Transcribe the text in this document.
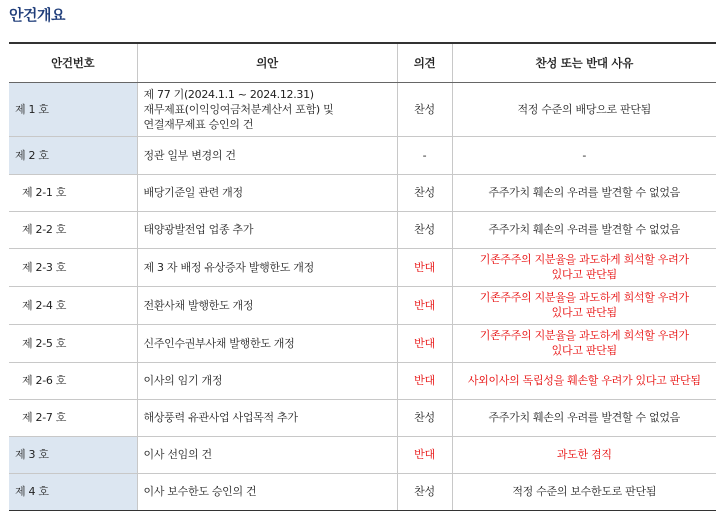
안건개요
안건번호	의안	의견	찬성 또는 반대 사유
제 1 호	제 77 기(2024.1.1 ~ 2024.12.31)
재무제표(이익잉여금처분계산서 포함) 및
연결재무제표 승인의 건	찬성	적정 수준의 배당으로 판단됨
제 2 호	정관 일부 변경의 건	-	-
제 2-1 호	배당기준일 관련 개정	찬성	주주가치 훼손의 우려를 발견할 수 없었음
제 2-2 호	태양광발전업 업종 추가	찬성	주주가치 훼손의 우려를 발견할 수 없었음
제 2-3 호	제 3 자 배정 유상증자 발행한도 개정	반대	기존주주의 지분율을 과도하게 희석할 우려가
있다고 판단됨
제 2-4 호	전환사채 발행한도 개정	반대	기존주주의 지분율을 과도하게 희석할 우려가
있다고 판단됨
제 2-5 호	신주인수권부사채 발행한도 개정	반대	기존주주의 지분율을 과도하게 희석할 우려가
있다고 판단됨
제 2-6 호	이사의 임기 개정	반대	사외이사의 독립성을 훼손할 우려가 있다고 판단됨
제 2-7 호	해상풍력 유관사업 사업목적 추가	찬성	주주가치 훼손의 우려를 발견할 수 없었음
제 3 호	이사 선임의 건	반대	과도한 겸직
제 4 호	이사 보수한도 승인의 건	찬성	적정 수준의 보수한도로 판단됨
